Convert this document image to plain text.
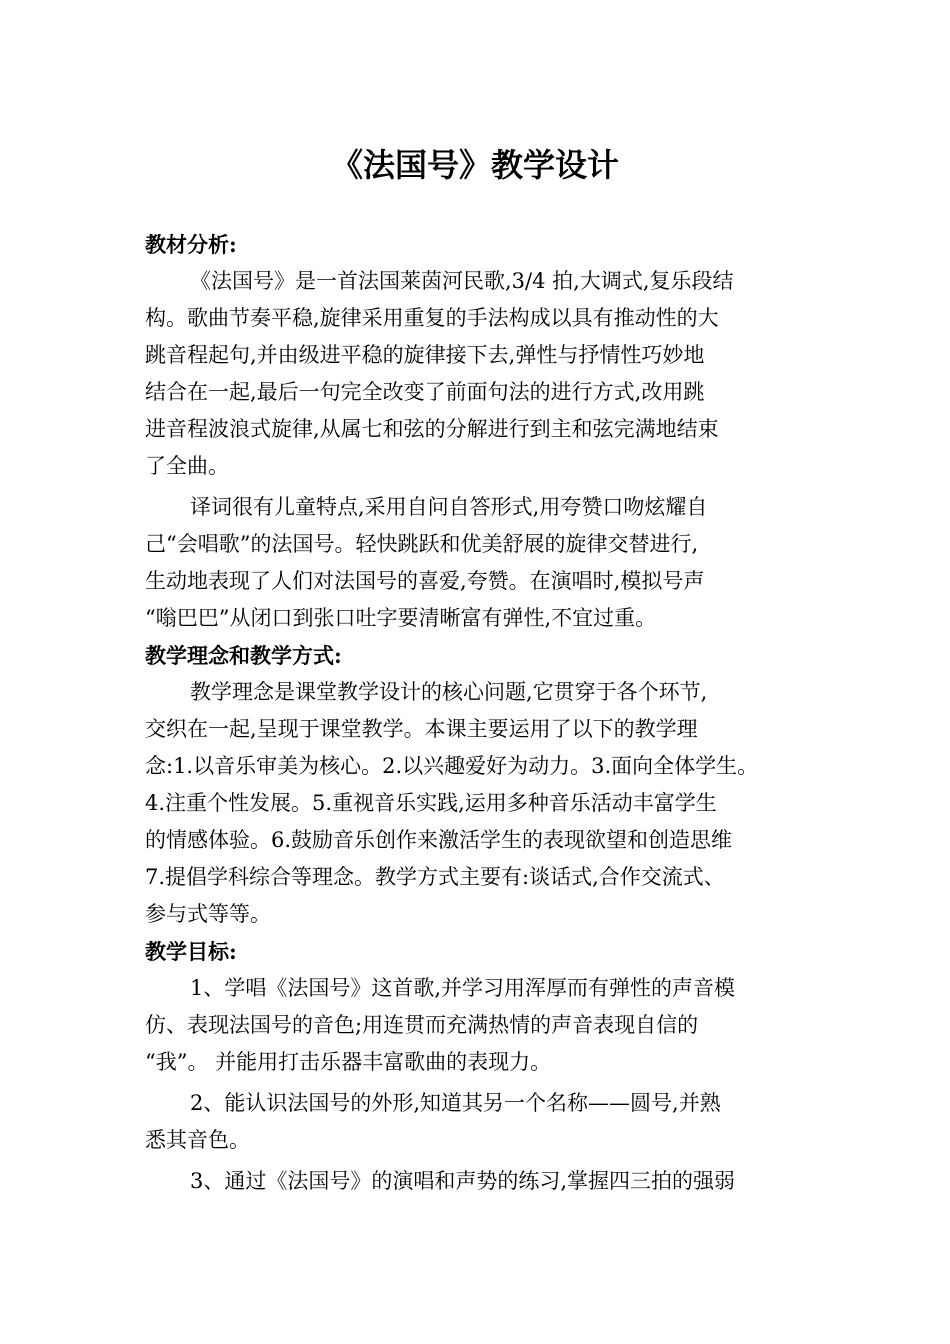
《法国号》教学设计

教材分析:

《法国号》是一首法国莱茵河民歌,3/4 拍,大调式,复乐段结

构。歌曲节奏平稳,旋律采用重复的手法构成以具有推动性的大

跳音程起句,并由级进平稳的旋律接下去,弹性与抒情性巧妙地

结合在一起,最后一句完全改变了前面句法的进行方式,改用跳

进音程波浪式旋律,从属七和弦的分解进行到主和弦完满地结束

了全曲。

译词很有儿童特点,采用自问自答形式,用夸赞口吻炫耀自

己“会唱歌”的法国号。轻快跳跃和优美舒展的旋律交替进行,

生动地表现了人们对法国号的喜爱,夸赞。在演唱时,模拟号声

“嗡巴巴”从闭口到张口吐字要清晰富有弹性,不宜过重。

教学理念和教学方式:

教学理念是课堂教学设计的核心问题,它贯穿于各个环节,

交织在一起,呈现于课堂教学。本课主要运用了以下的教学理

念:1.以音乐审美为核心。2.以兴趣爱好为动力。3.面向全体学生。

4.注重个性发展。5.重视音乐实践,运用多种音乐活动丰富学生

的情感体验。6.鼓励音乐创作来激活学生的表现欲望和创造思维

7.提倡学科综合等理念。教学方式主要有:谈话式,合作交流式、

参与式等等。

教学目标:

1、学唱《法国号》这首歌,并学习用浑厚而有弹性的声音模

仿、表现法国号的音色;用连贯而充满热情的声音表现自信的

“我”。 并能用打击乐器丰富歌曲的表现力。

2、能认识法国号的外形,知道其另一个名称——圆号,并熟

悉其音色。

3、通过《法国号》的演唱和声势的练习,掌握四三拍的强弱
